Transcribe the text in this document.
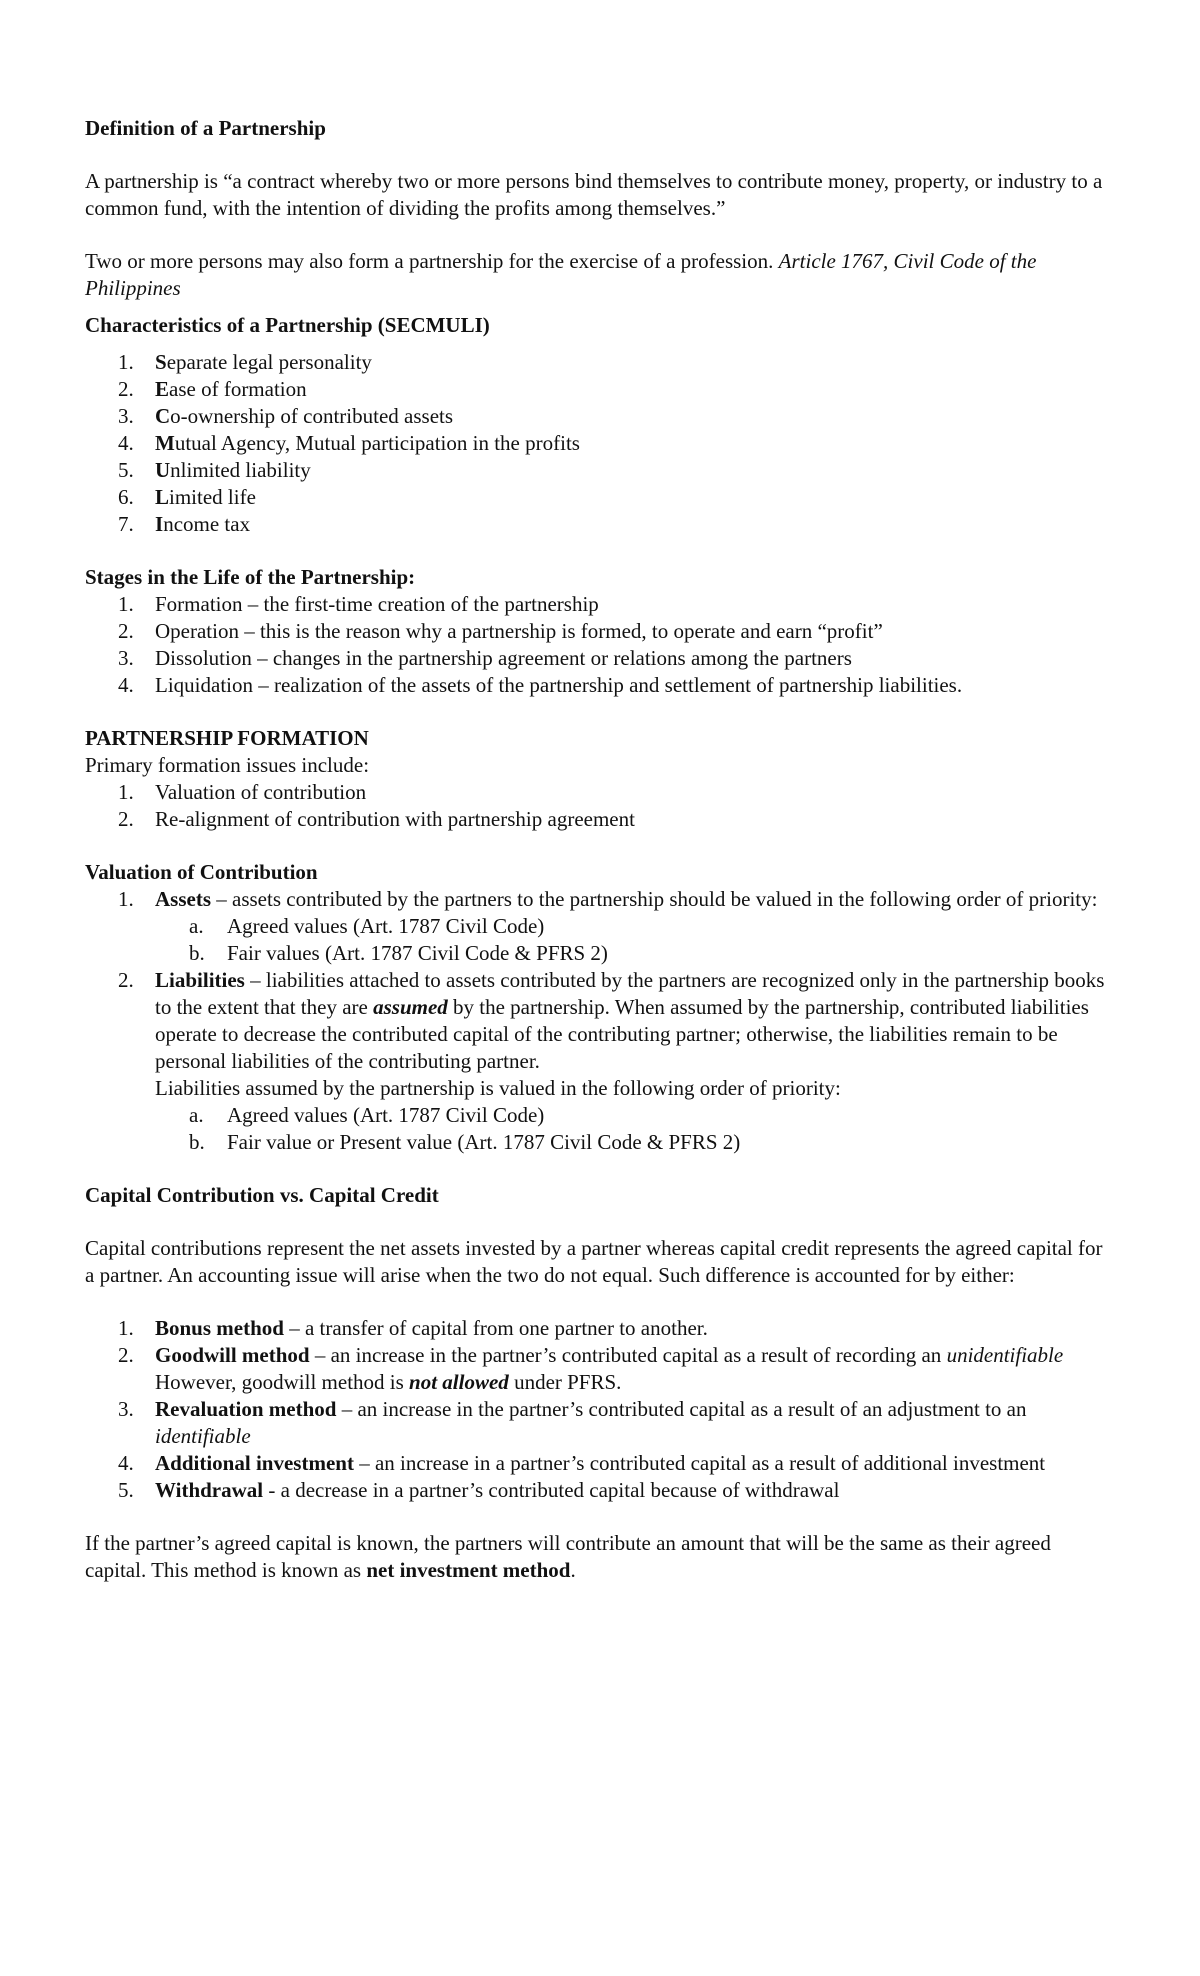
Definition of a Partnership

A partnership is “a contract whereby two or more persons bind themselves to contribute money, property, or industry to a common fund, with the intention of dividing the profits among themselves.”

Two or more persons may also form a partnership for the exercise of a profession. Article 1767, Civil Code of the Philippines

Characteristics of a Partnership (SECMULI)

1. Separate legal personality
2. Ease of formation
3. Co-ownership of contributed assets
4. Mutual Agency, Mutual participation in the profits
5. Unlimited liability
6. Limited life
7. Income tax

Stages in the Life of the Partnership:

1. Formation – the first-time creation of the partnership
2. Operation – this is the reason why a partnership is formed, to operate and earn “profit”
3. Dissolution – changes in the partnership agreement or relations among the partners
4. Liquidation – realization of the assets of the partnership and settlement of partnership liabilities.

PARTNERSHIP FORMATION

Primary formation issues include:

1. Valuation of contribution
2. Re-alignment of contribution with partnership agreement

Valuation of Contribution

1. Assets – assets contributed by the partners to the partnership should be valued in the following order of priority:
a. Agreed values (Art. 1787 Civil Code)
b. Fair values (Art. 1787 Civil Code & PFRS 2)
2. Liabilities – liabilities attached to assets contributed by the partners are recognized only in the partnership books to the extent that they are assumed by the partnership. When assumed by the partnership, contributed liabilities operate to decrease the contributed capital of the contributing partner; otherwise, the liabilities remain to be personal liabilities of the contributing partner.
Liabilities assumed by the partnership is valued in the following order of priority:
a. Agreed values (Art. 1787 Civil Code)
b. Fair value or Present value (Art. 1787 Civil Code & PFRS 2)

Capital Contribution vs. Capital Credit

Capital contributions represent the net assets invested by a partner whereas capital credit represents the agreed capital for a partner. An accounting issue will arise when the two do not equal. Such difference is accounted for by either:

1. Bonus method – a transfer of capital from one partner to another.
2. Goodwill method – an increase in the partner’s contributed capital as a result of recording an unidentifiable However, goodwill method is not allowed under PFRS.
3. Revaluation method – an increase in the partner’s contributed capital as a result of an adjustment to an identifiable
4. Additional investment – an increase in a partner’s contributed capital as a result of additional investment
5. Withdrawal - a decrease in a partner’s contributed capital because of withdrawal

If the partner’s agreed capital is known, the partners will contribute an amount that will be the same as their agreed capital. This method is known as net investment method.
